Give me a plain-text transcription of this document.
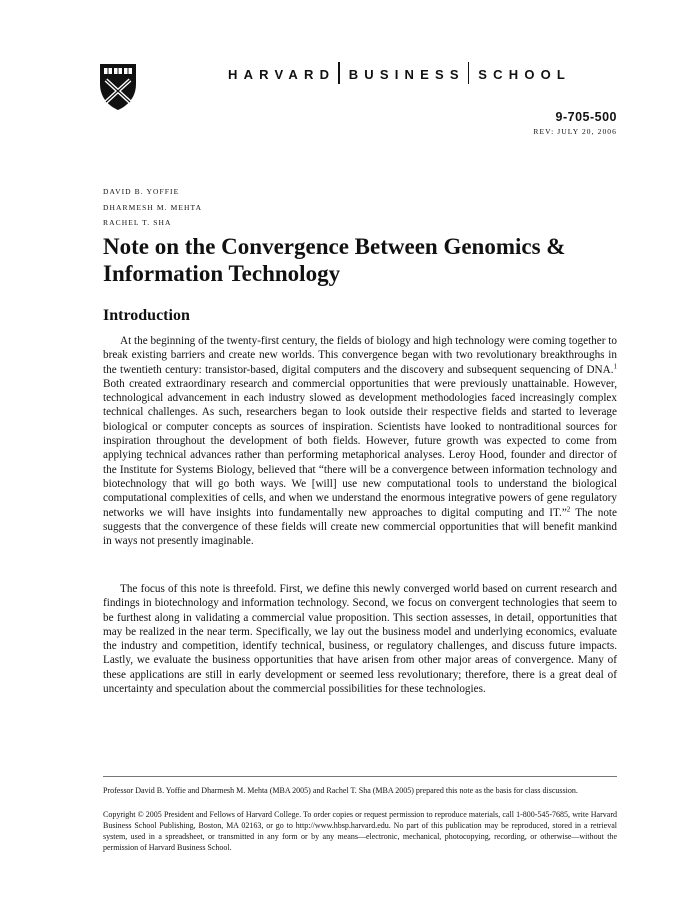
HARVARD BUSINESS SCHOOL
9-705-500
REV: JULY 20, 2006
DAVID B. YOFFIE
DHARMESH M. MEHTA
RACHEL T. SHA
Note on the Convergence Between Genomics &
Information Technology
Introduction

At the beginning of the twenty-first century, the fields of biology and high technology were coming together to break existing barriers and create new worlds. This convergence began with two revolutionary breakthroughs in the twentieth century: transistor-based, digital computers and the discovery and subsequent sequencing of DNA.$^1$ Both created extraordinary research and commercial opportunities that were previously unattainable. However, technological advancement in each industry slowed as development methodologies faced increasingly complex technical challenges. As such, researchers began to look outside their respective fields and started to leverage biological or computer concepts as sources of inspiration. Scientists have looked to nontraditional sources for inspiration throughout the development of both fields. However, future growth was expected to come from applying technical advances rather than performing metaphorical analyses. Leroy Hood, founder and director of the Institute for Systems Biology, believed that “there will be a convergence between information technology and biotechnology that will go both ways. We [will] use new computational tools to understand the biological computational complexities of cells, and when we understand the enormous integrative powers of gene regulatory networks we will have insights into fundamentally new approaches to digital computing and IT.”$^2$ The note suggests that the convergence of these fields will create new commercial opportunities that will benefit mankind in ways not presently imaginable.

The focus of this note is threefold. First, we define this newly converged world based on current research and findings in biotechnology and information technology. Second, we focus on convergent technologies that seem to be furthest along in validating a commercial value proposition. This section assesses, in detail, opportunities that may be realized in the near term. Specifically, we lay out the business model and underlying economics, evaluate the industry and competition, identify technical, business, or regulatory challenges, and discuss future impacts. Lastly, we evaluate the business opportunities that have arisen from other major areas of convergence. Many of these applications are still in early development or seemed less revolutionary; therefore, there is a great deal of uncertainty and speculation about the commercial possibilities for these technologies.

Professor David B. Yoffie and Dharmesh M. Mehta (MBA 2005) and Rachel T. Sha (MBA 2005) prepared this note as the basis for class discussion.
Copyright © 2005 President and Fellows of Harvard College. To order copies or request permission to reproduce materials, call 1-800-545-7685, write Harvard Business School Publishing, Boston, MA 02163, or go to http://www.hbsp.harvard.edu. No part of this publication may be reproduced, stored in a retrieval system, used in a spreadsheet, or transmitted in any form or by any means—electronic, mechanical, photocopying, recording, or otherwise—without the permission of Harvard Business School.
